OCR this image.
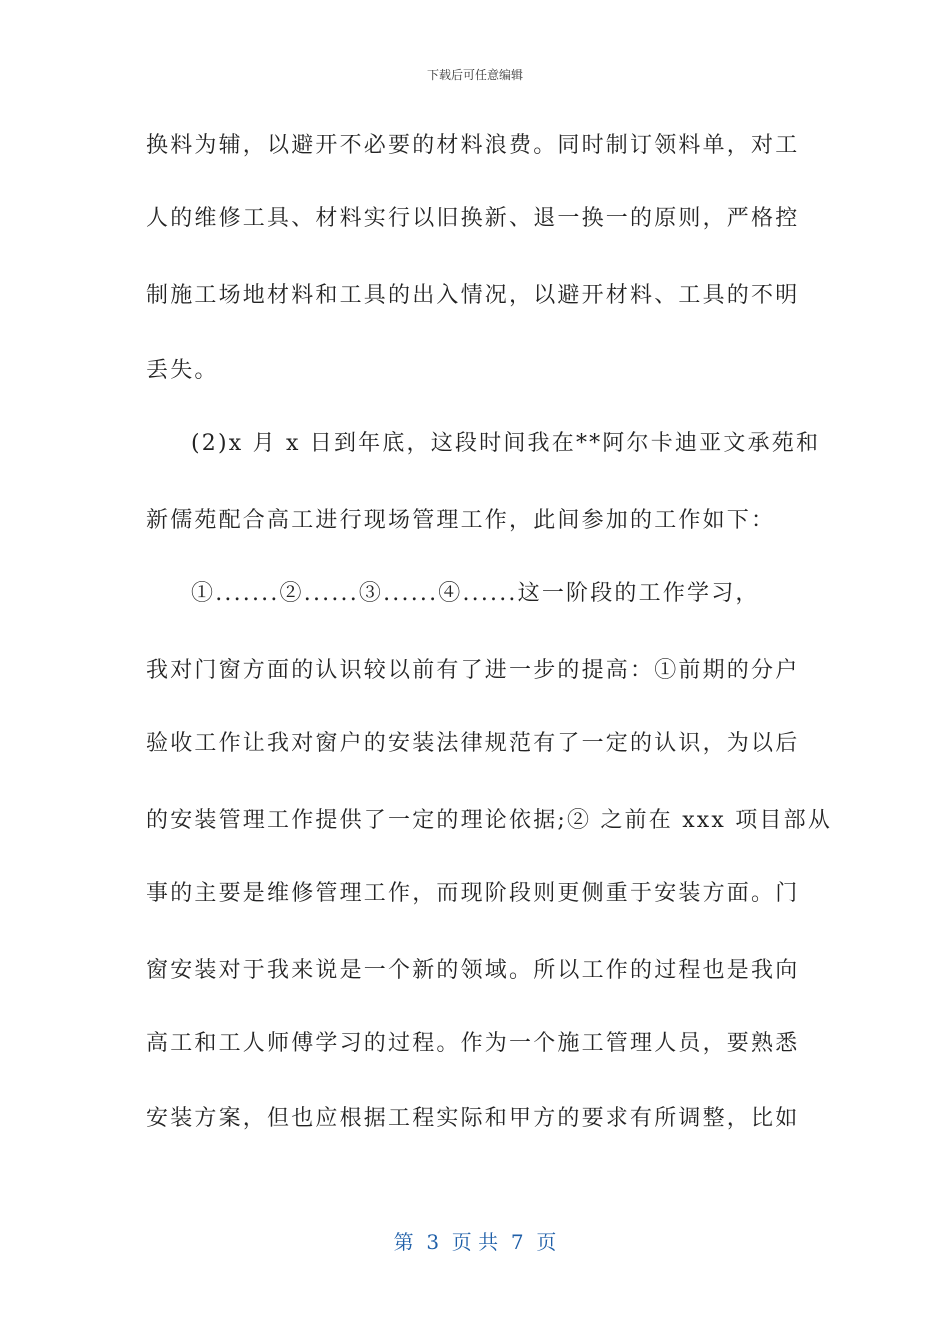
下载后可任意编辑
换料为辅，以避开不必要的材料浪费。同时制订领料单，对工
人的维修工具、材料实行以旧换新、退一换一的原则，严格控
制施工场地材料和工具的出入情况，以避开材料、工具的不明
丢失。
(2)x 月 x 日到年底，这段时间我在**阿尔卡迪亚文承苑和
新儒苑配合高工进行现场管理工作，此间参加的工作如下：
①.......②......③......④......这一阶段的工作学习，
我对门窗方面的认识较以前有了进一步的提高：①前期的分户
验收工作让我对窗户的安装法律规范有了一定的认识，为以后
的安装管理工作提供了一定的理论依据;② 之前在 xxx 项目部从
事的主要是维修管理工作，而现阶段则更侧重于安装方面。门
窗安装对于我来说是一个新的领域。所以工作的过程也是我向
高工和工人师傅学习的过程。作为一个施工管理人员，要熟悉
安装方案，但也应根据工程实际和甲方的要求有所调整，比如
第  3  页 共  7  页
